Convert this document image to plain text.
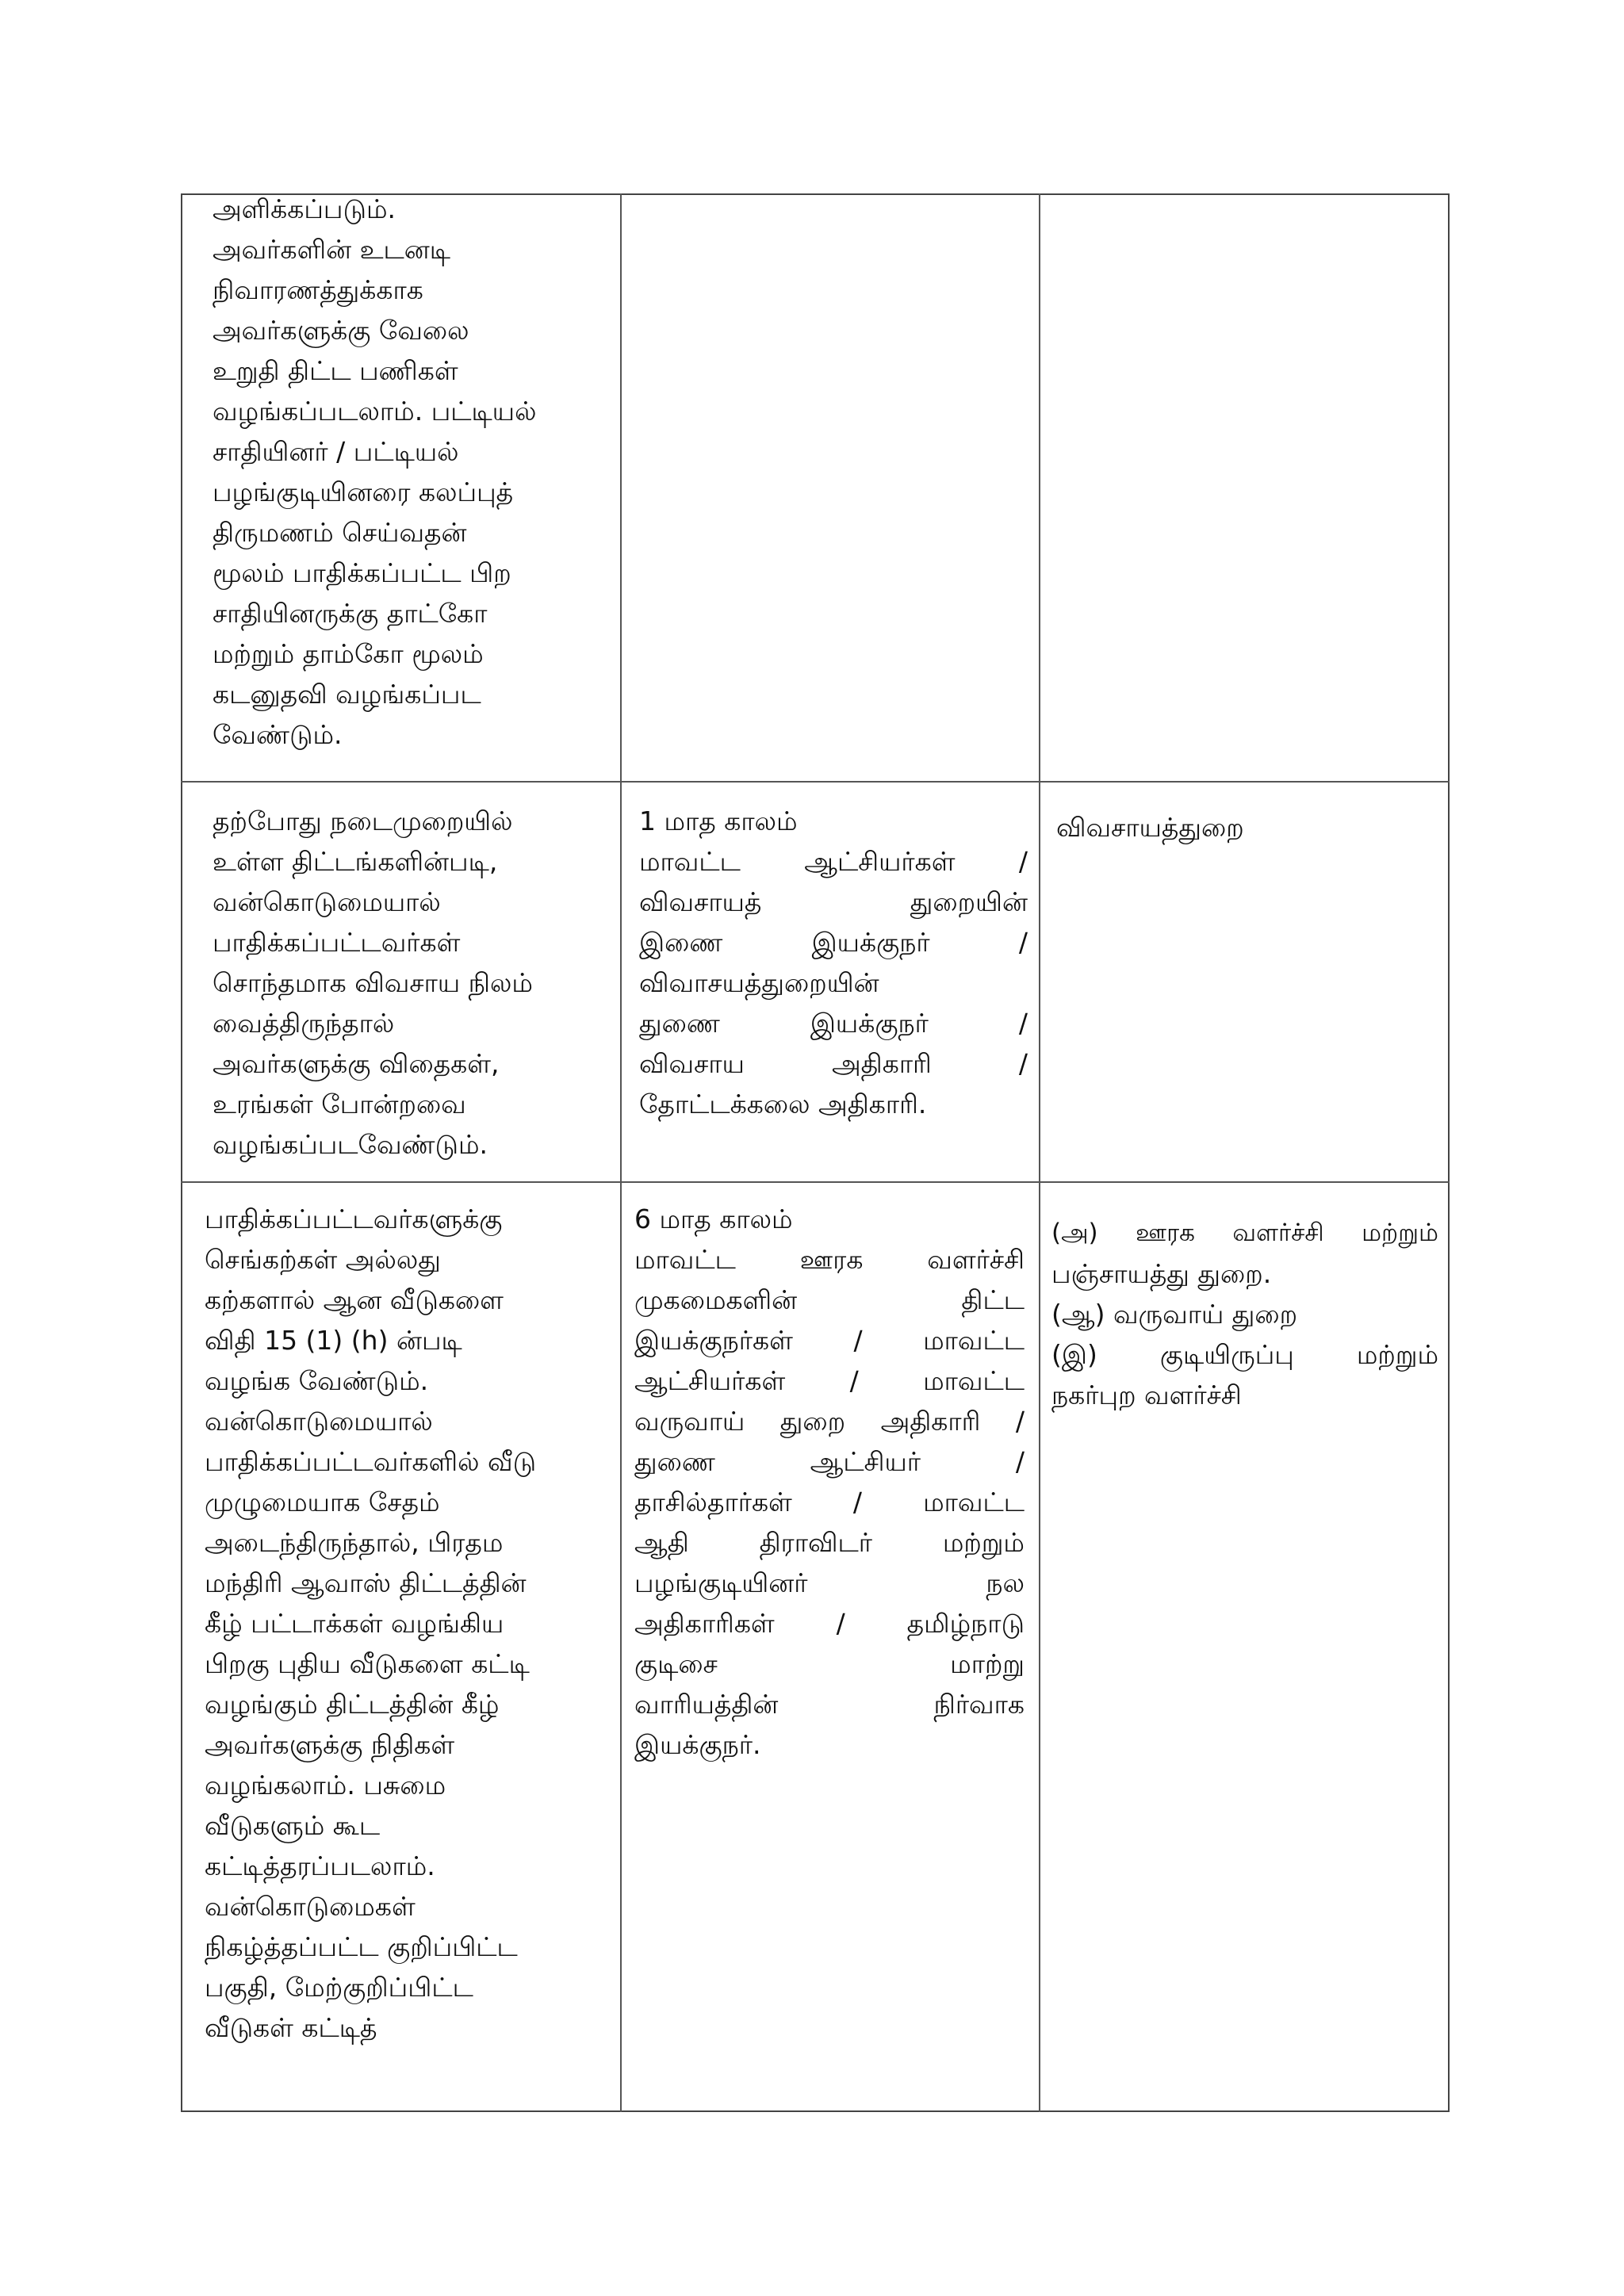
அளிக்கப்படும்.

அவர்களின் உடனடி

நிவாரணத்துக்காக

அவர்களுக்கு வேலை

உறுதி திட்ட பணிகள்

வழங்கப்படலாம். பட்டியல்

சாதியினர் / பட்டியல்

பழங்குடியினரை கலப்புத்

திருமணம் செய்வதன்

மூலம் பாதிக்கப்பட்ட பிற

சாதியினருக்கு தாட்கோ

மற்றும் தாம்கோ மூலம்

கடனுதவி வழங்கப்பட

வேண்டும்.

தற்போது நடைமுறையில்

உள்ள திட்டங்களின்படி,

வன்கொடுமையால்

பாதிக்கப்பட்டவர்கள்

சொந்தமாக விவசாய நிலம்

வைத்திருந்தால்

அவர்களுக்கு விதைகள்,

உரங்கள் போன்றவை

வழங்கப்படவேண்டும்.

1 மாத காலம்

மாவட்ட ஆட்சியர்கள் /

விவசாயத் துறையின்

இணை இயக்குநர் /

விவாசயத்துறையின்

துணை இயக்குநர் /

விவசாய அதிகாரி /

தோட்டக்கலை அதிகாரி.

விவசாயத்துறை

பாதிக்கப்பட்டவர்களுக்கு

செங்கற்கள் அல்லது

கற்களால் ஆன வீடுகளை

விதி 15 (1) (h) ன்படி

வழங்க வேண்டும்.

வன்கொடுமையால்

பாதிக்கப்பட்டவர்களில் வீடு

முழுமையாக சேதம்

அடைந்திருந்தால், பிரதம

மந்திரி ஆவாஸ் திட்டத்தின்

கீழ் பட்டாக்கள் வழங்கிய

பிறகு புதிய வீடுகளை கட்டி

வழங்கும் திட்டத்தின் கீழ்

அவர்களுக்கு நிதிகள்

வழங்கலாம். பசுமை

வீடுகளும் கூட

கட்டித்தரப்படலாம்.

வன்கொடுமைகள்

நிகழ்த்தப்பட்ட குறிப்பிட்ட

பகுதி, மேற்குறிப்பிட்ட

வீடுகள் கட்டித்

6 மாத காலம்

மாவட்ட ஊரக வளர்ச்சி

முகமைகளின் திட்ட

இயக்குநர்கள் / மாவட்ட

ஆட்சியர்கள் / மாவட்ட

வருவாய் துறை அதிகாரி /

துணை ஆட்சியர் /

தாசில்தார்கள் / மாவட்ட

ஆதி திராவிடர் மற்றும்

பழங்குடியினர் நல

அதிகாரிகள் / தமிழ்நாடு

குடிசை மாற்று

வாரியத்தின் நிர்வாக

இயக்குநர்.

(அ) ஊரக வளர்ச்சி மற்றும்

பஞ்சாயத்து துறை.

(ஆ) வருவாய் துறை

(இ) குடியிருப்பு மற்றும்

நகர்புற வளர்ச்சி
